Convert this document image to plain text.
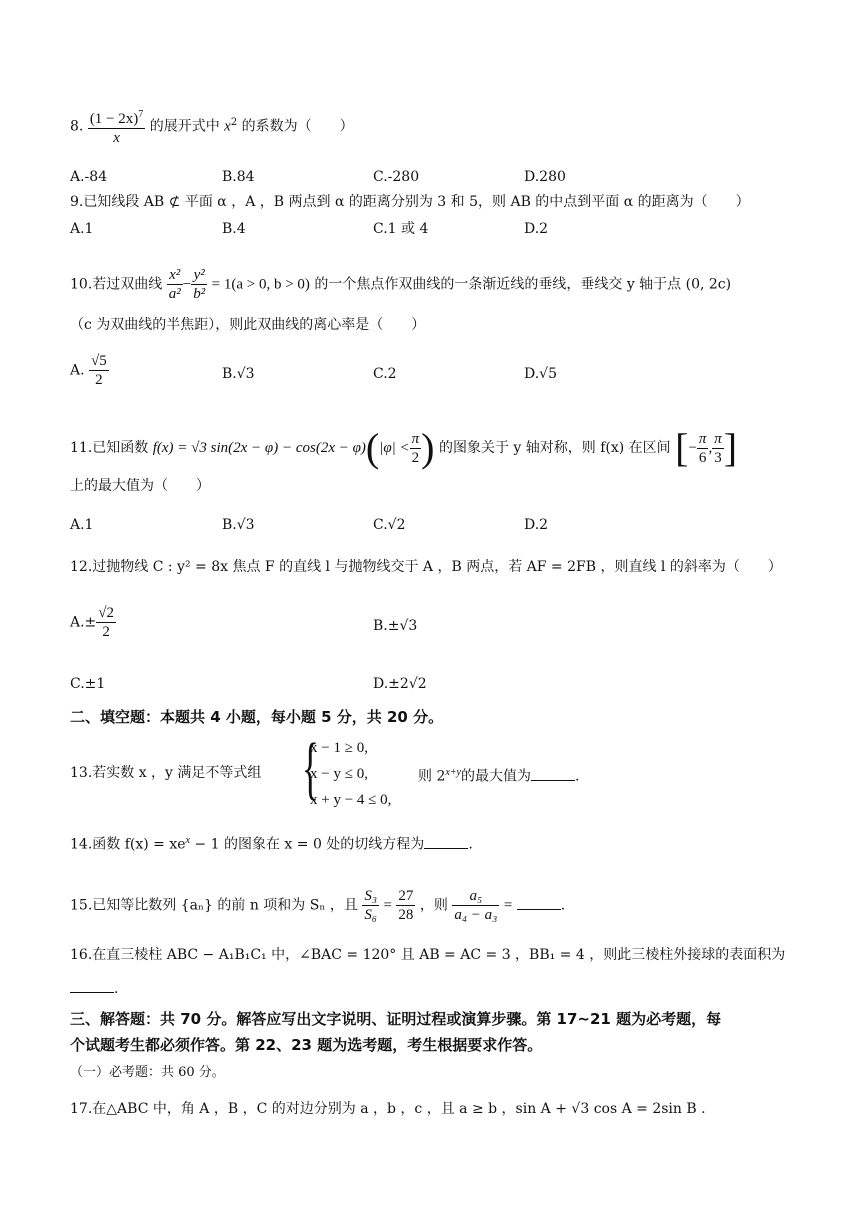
8. $\frac{(1 - 2x)^7}{x}$ 的展开式中 $x^2$ 的系数为（　　）
A.-84	B.84	C.-280	D.280
9.已知线段 AB ⊄ 平面 α ，A ，B 两点到 α 的距离分别为 3 和 5，则 AB 的中点到平面 α 的距离为（　　）
A.1	B.4	C.1 或 4	D.2
10.若过双曲线 $\frac{\text{x²}}{\text{a²}} - \frac{\text{y²}}{\text{b²}} = 1(a > 0$, b > 0) 的一个焦点作双曲线的一条渐近线的垂线，垂线交 y 轴于点 (0, 2c)
（c 为双曲线的半焦距），则此双曲线的离心率是（　　）
A. $\frac{√5}{2}$	B.√3	C.2	D.√5
11.已知函数 f(x) = √3 $\sin(2x - \varphi) - \cos(2x - \varphi)(|\varphi| < \frac{\pi}{2}$ ) 的图象关于 y 轴对称，则 f(x) 在区间 [− $\frac{\pi}{6}$ , $\frac{\pi}{3}$ ]
上的最大值为（　　）
A.1	B.√3	C.√2	D.2
12.过抛物线 C : y² = 8x 焦点 F 的直线 l 与抛物线交于 A ，B 两点，若 AF = 2FB ，则直线 l 的斜率为（　　）
$A.\pm \frac{√2}{2}$	B.±√3
C.±1	D.±2√2
二、填空题：本题共 4 小题，每小题 5 分，共 20 分。
13.若实数 x ，y 满足不等式组 {
x − 1 ≥ 0,
x − y ≤ 0,
x + y − 4 ≤ 0,
则 $2^{x+y}$的最大值为	.
14.函数 $f(x) = xe^x - 1$ 的图象在 x = 0 处的切线方程为	.
15.已知等比数列 {aₙ} 的前 n 项和为 Sₙ ，且 $\frac{\text{S₃}}{\text{S₆}} = \frac{27}{28}$ ，则 $\frac{\text{a₅}}{\text{a₄ − a₃}}$ =	.
16.在直三棱柱 ABC − A₁B₁C₁ 中，∠BAC = 120° 且 AB = AC = 3 ，BB₁ = 4 ，则此三棱柱外接球的表面积为
.
三、解答题：共 70 分。解答应写出文字说明、证明过程或演算步骤。第 17~21 题为必考题，每
个试题考生都必须作答。第 22、23 题为选考题，考生根据要求作答。
（一）必考题：共 60 分。
17.在△ABC 中，角 A ，B ，C 的对边分别为 a ，b ，c ，且 a ≥ b ，sin A + √3 cos A = 2sin B .
